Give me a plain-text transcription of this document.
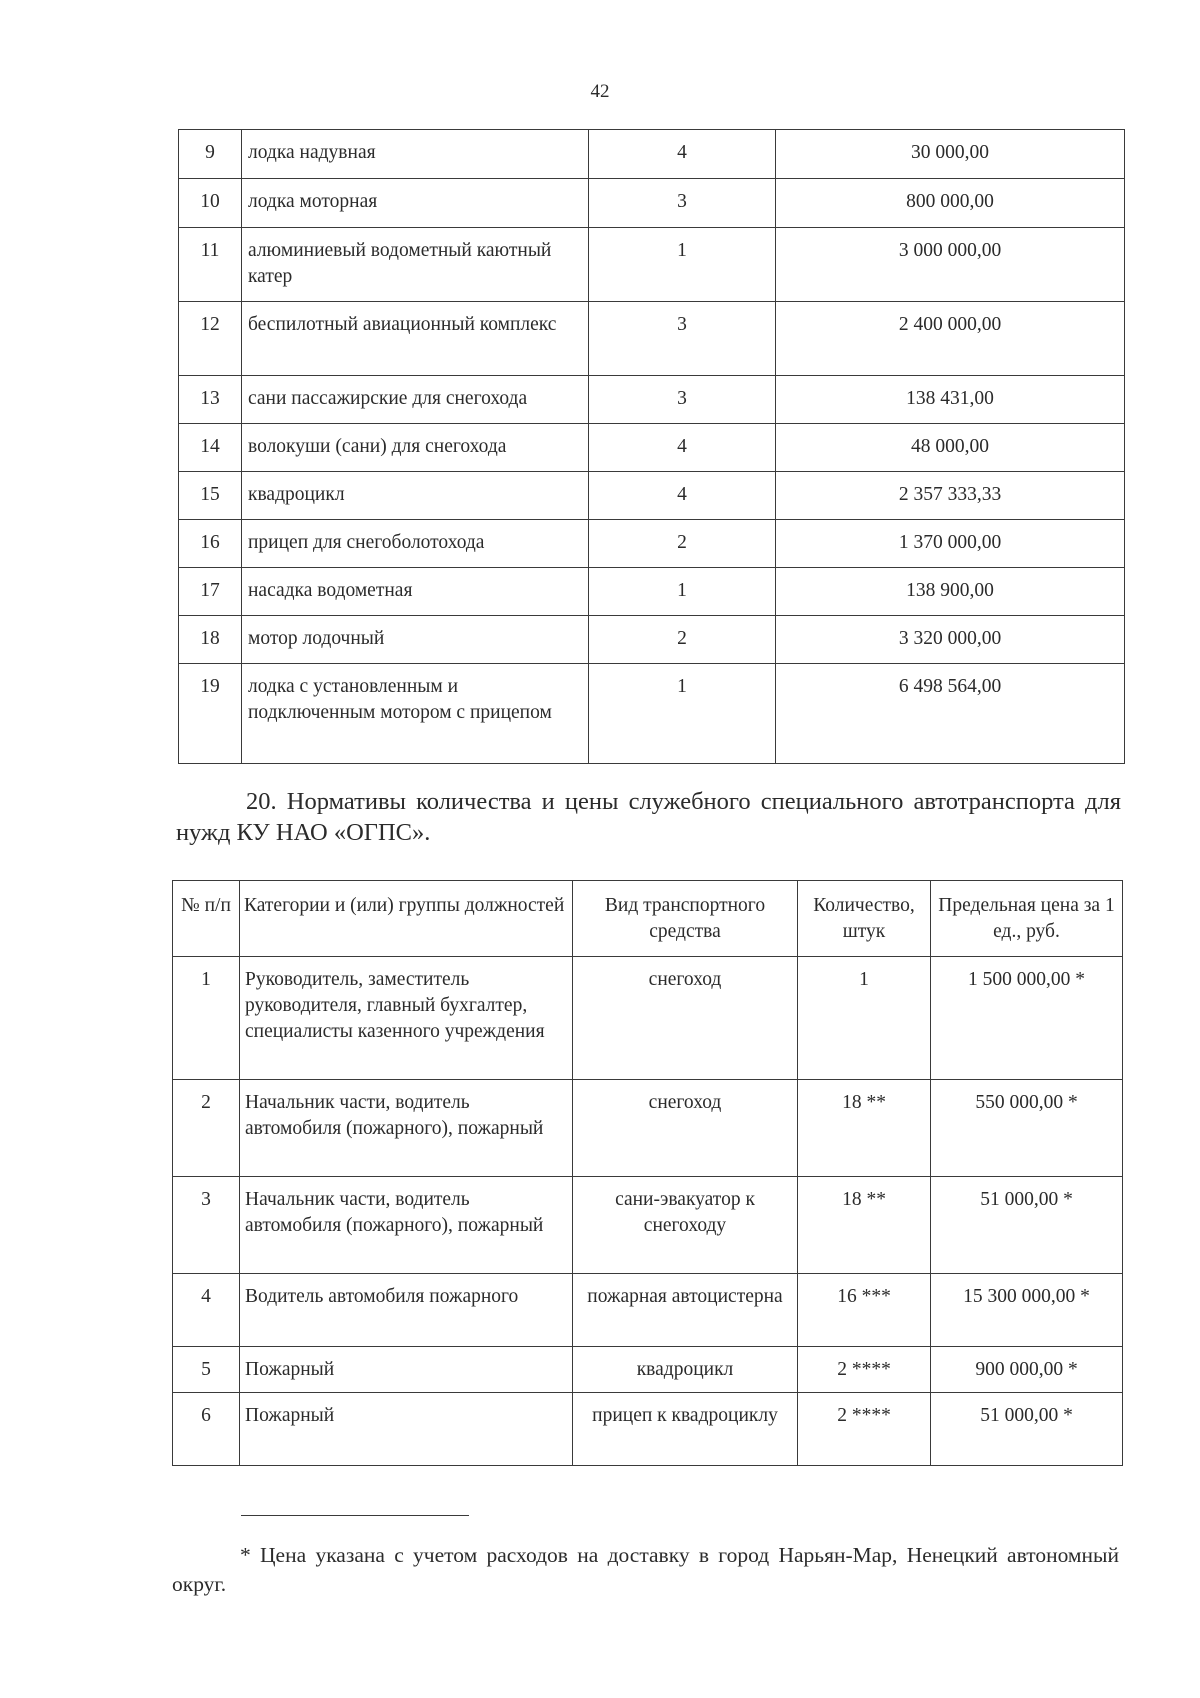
42
9	лодка надувная	4	30 000,00
10	лодка моторная	3	800 000,00
11	алюминиевый водометный каютный катер	1	3 000 000,00
12	беспилотный авиационный комплекс	3	2 400 000,00
13	сани пассажирские для снегохода	3	138 431,00
14	волокуши (сани) для снегохода	4	48 000,00
15	квадроцикл	4	2 357 333,33
16	прицеп для снегоболотохода	2	1 370 000,00
17	насадка водометная	1	138 900,00
18	мотор лодочный	2	3 320 000,00
19	лодка с установленным и подключенным мотором с прицепом	1	6 498 564,00
20. Нормативы количества и цены служебного специального автотранспорта для нужд КУ НАО «ОГПС».
№ п/п	Категории и (или) группы должностей	Вид транспортного средства	Количество, штук	Предельная цена за 1 ед., руб.
1	Руководитель, заместитель руководителя, главный бухгалтер, специалисты казенного учреждения	снегоход	1	1 500 000,00 *
2	Начальник части, водитель автомобиля (пожарного), пожарный	снегоход	18 **	550 000,00 *
3	Начальник части, водитель автомобиля (пожарного), пожарный	сани-эвакуатор к снегоходу	18 **	51 000,00 *
4	Водитель автомобиля пожарного	пожарная автоцистерна	16 ***	15 300 000,00 *
5	Пожарный	квадроцикл	2 ****	900 000,00 *
6	Пожарный	прицеп к квадроциклу	2 ****	51 000,00 *
* Цена указана с учетом расходов на доставку в город Нарьян-Мар, Ненецкий автономный округ.
